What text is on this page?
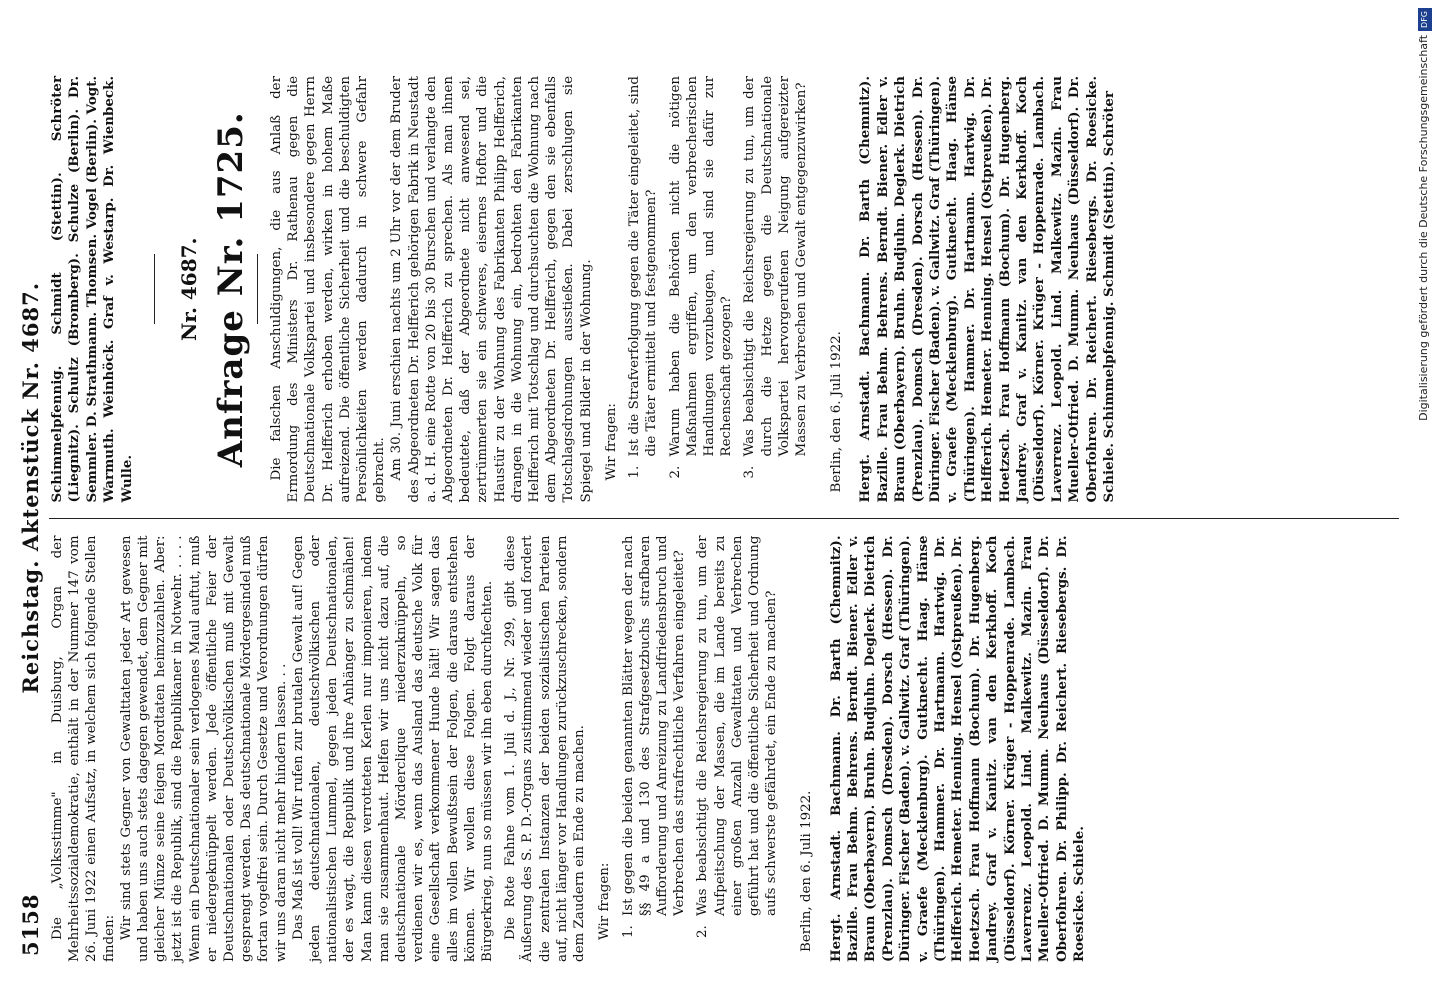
5158
Reichstag. Aktenstück Nr. 4687.

Die „Volksstimme" in Duisburg, Organ der Mehrheitssozialdemokratie, enthält in der Nummer 147 vom 26. Juni 1922 einen Aufsatz, in welchem sich folgende Stellen finden: Wir sind stets Gegner von Gewalttaten jeder Art gewesen und haben uns auch stets dagegen gewendet, dem Gegner mit gleicher Münze seine feigen Mordtaten heimzuzahlen. Aber: jetzt ist die Republik, sind die Republikaner in Notwehr. . . . . Wenn ein Deutschnationaler sein verlogenes Maul auftut, muß er niedergeknüppelt werden. Jede öffentliche Feier der Deutschnationalen oder Deutschvölkischen muß mit Gewalt gesprengt werden. Das deutschnationale Mördergesindel muß fortan vogelfrei sein. Durch Gesetze und Verordnungen dürfen wir uns daran nicht mehr hindern lassen. . . Das Maß ist voll! Wir rufen zur brutalen Gewalt auf! Gegen jeden deutschnationalen, deutschvölkischen oder nationalistischen Lummel, gegen jeden Deutschnationalen, der es wagt, die Republik und ihre Anhänger zu schmähen! Man kann diesen verrotteten Kerlen nur imponieren, indem man sie zusammenhaut. Helfen wir uns nicht dazu auf, die deutschnationale Mörderclique niederzuknüppeln, so verdienen wir es, wenn das Ausland das deutsche Volk für eine Gesellschaft verkommener Hunde hält! Wir sagen das alles im vollen Bewußtsein der Folgen, die daraus entstehen können. Wir wollen diese Folgen. Folgt daraus der Bürgerkrieg, nun so müssen wir ihn eben durchfechten. Die Rote Fahne vom 1. Juli d. J., Nr. 299, gibt diese Äußerung des S. P. D.-Organs zustimmend wieder und fordert die zentralen Instanzen der beiden sozialistischen Parteien auf, nicht länger vor Handlungen zurückzuschrecken, sondern dem Zaudern ein Ende zu machen. Wir fragen: 1.Ist gegen die beiden genannten Blätter wegen der nach §§ 49 a und 130 des Strafgesetzbuchs strafbaren Aufforderung und Anreizung zu Landfriedensbruch und Verbrechen das strafrechtliche Verfahren eingeleitet?

2.Was beabsichtigt die Reichsregierung zu tun, um der Aufpeitschung der Massen, die im Lande bereits zu einer großen Anzahl Gewalttaten und Verbrechen geführt hat und die öffentliche Sicherheit und Ordnung aufs schwerste gefährdet, ein Ende zu machen? Berlin, den 6. Juli 1922. Hergt. Arnstadt. Bachmann. Dr. Barth (Chemnitz). Bazille. Frau Behm. Behrens. Berndt. Biener. Edler v. Braun (Oberbayern). Bruhn. Budjuhn. Deglerk. Dietrich (Prenzlau). Domsch (Dresden). Dorsch (Hessen). Dr. Düringer. Fischer (Baden). v. Gallwitz. Graf (Thüringen). v. Graefe (Mecklenburg). Gutknecht. Haag. Hänse (Thüringen). Hammer. Dr. Hartmann. Hartwig. Dr. Helfferich. Hemeter. Henning. Hensel (Ostpreußen). Dr. Hoetzsch. Frau Hoffmann (Bochum). Dr. Hugenberg. Jandrey. Graf v. Kanitz. van den Kerkhoff. Koch (Düsseldorf). Körner. Krüger - Hoppenrade. Lambach. Laverrenz. Leopold. Lind. Malkewitz. Mazin. Frau Mueller-Otfried. D. Mumm. Neuhaus (Düsseldorf). Dr. Oberfohren. Dr. Philipp. Dr. Reichert. Riesebergs. Dr. Roesicke. Schiele.

Schimmelpfennig. Schmidt (Stettin). Schröter (Liegnitz). Schultz (Bromberg). Schulze (Berlin). Dr. Semmler. D. Strathmann. Thomsen. Vogel (Berlin). Vogt. Warmuth. Weinhöck. Graf v. Westarp. Dr. Wienbeck. Wulle.

Nr. 4687. Anfrage Nr. 1725. Die falschen Anschuldigungen, die aus Anlaß der Ermordung des Ministers Dr. Rathenau gegen die Deutschnationale Volkspartei und insbesondere gegen Herrn Dr. Helfferich erhoben werden, wirken in hohem Maße aufreizend. Die öffentliche Sicherheit und die beschuldigten Persönlichkeiten werden dadurch in schwere Gefahr gebracht. Am 30. Juni erschien nachts um 2 Uhr vor der dem Bruder des Abgeordneten Dr. Helfferich gehörigen Fabrik in Neustadt a. d. H. eine Rotte von 20 bis 30 Burschen und verlangte den Abgeordneten Dr. Helfferich zu sprechen. Als man ihnen bedeutete, daß der Abgeordnete nicht anwesend sei, zertrümmerten sie ein schweres, eisernes Hoftor und die Haustür zu der Wohnung des Fabrikanten Philipp Helfferich, drangen in die Wohnung ein, bedrohten den Fabrikanten Helfferich mit Totschlag und durchsuchten die Wohnung nach dem Abgeordneten Dr. Helfferich, gegen den sie ebenfalls Totschlagsdrohungen ausstießen. Dabei zerschlugen sie Spiegel und Bilder in der Wohnung. Wir fragen: 1.Ist die Strafverfolgung gegen die Täter eingeleitet, sind die Täter ermittelt und festgenommen?

2.Warum haben die Behörden nicht die nötigen Maßnahmen ergriffen, um den verbrecherischen Handlungen vorzubeugen, und sind sie dafür zur Rechenschaft gezogen?

3.Was beabsichtigt die Reichsregierung zu tun, um der durch die Hetze gegen die Deutschnationale Volkspartei hervorgerufenen Neigung aufgereizter Massen zu Verbrechen und Gewalt entgegenzuwirken? Berlin, den 6. Juli 1922. Hergt. Arnstadt. Bachmann. Dr. Barth (Chemnitz). Bazille. Frau Behm. Behrens. Berndt. Biener. Edler v. Braun (Oberbayern). Bruhn. Budjuhn. Deglerk. Dietrich (Prenzlau). Domsch (Dresden). Dorsch (Hessen). Dr. Düringer. Fischer (Baden). v. Gallwitz. Graf (Thüringen). v. Graefe (Mecklenburg). Gutknecht. Haag. Hänse (Thüringen). Hammer. Dr. Hartmann. Hartwig. Dr. Helfferich. Hemeter. Henning. Hensel (Ostpreußen). Dr. Hoetzsch. Frau Hoffmann (Bochum). Dr. Hugenberg. Jandrey. Graf v. Kanitz. van den Kerkhoff. Koch (Düsseldorf). Körner. Krüger - Hoppenrade. Lambach. Laverrenz. Leopold. Lind. Malkewitz. Mazin. Frau Mueller-Otfried. D. Mumm. Neuhaus (Düsseldorf). Dr. Oberfohren. Dr. Reichert. Riesebergs. Dr. Roesicke. Schiele. Schimmelpfennig. Schmidt (Stettin). Schröter	Digitalisierung gefördert durch die Deutsche ForschungsgemeinschaftDFG
